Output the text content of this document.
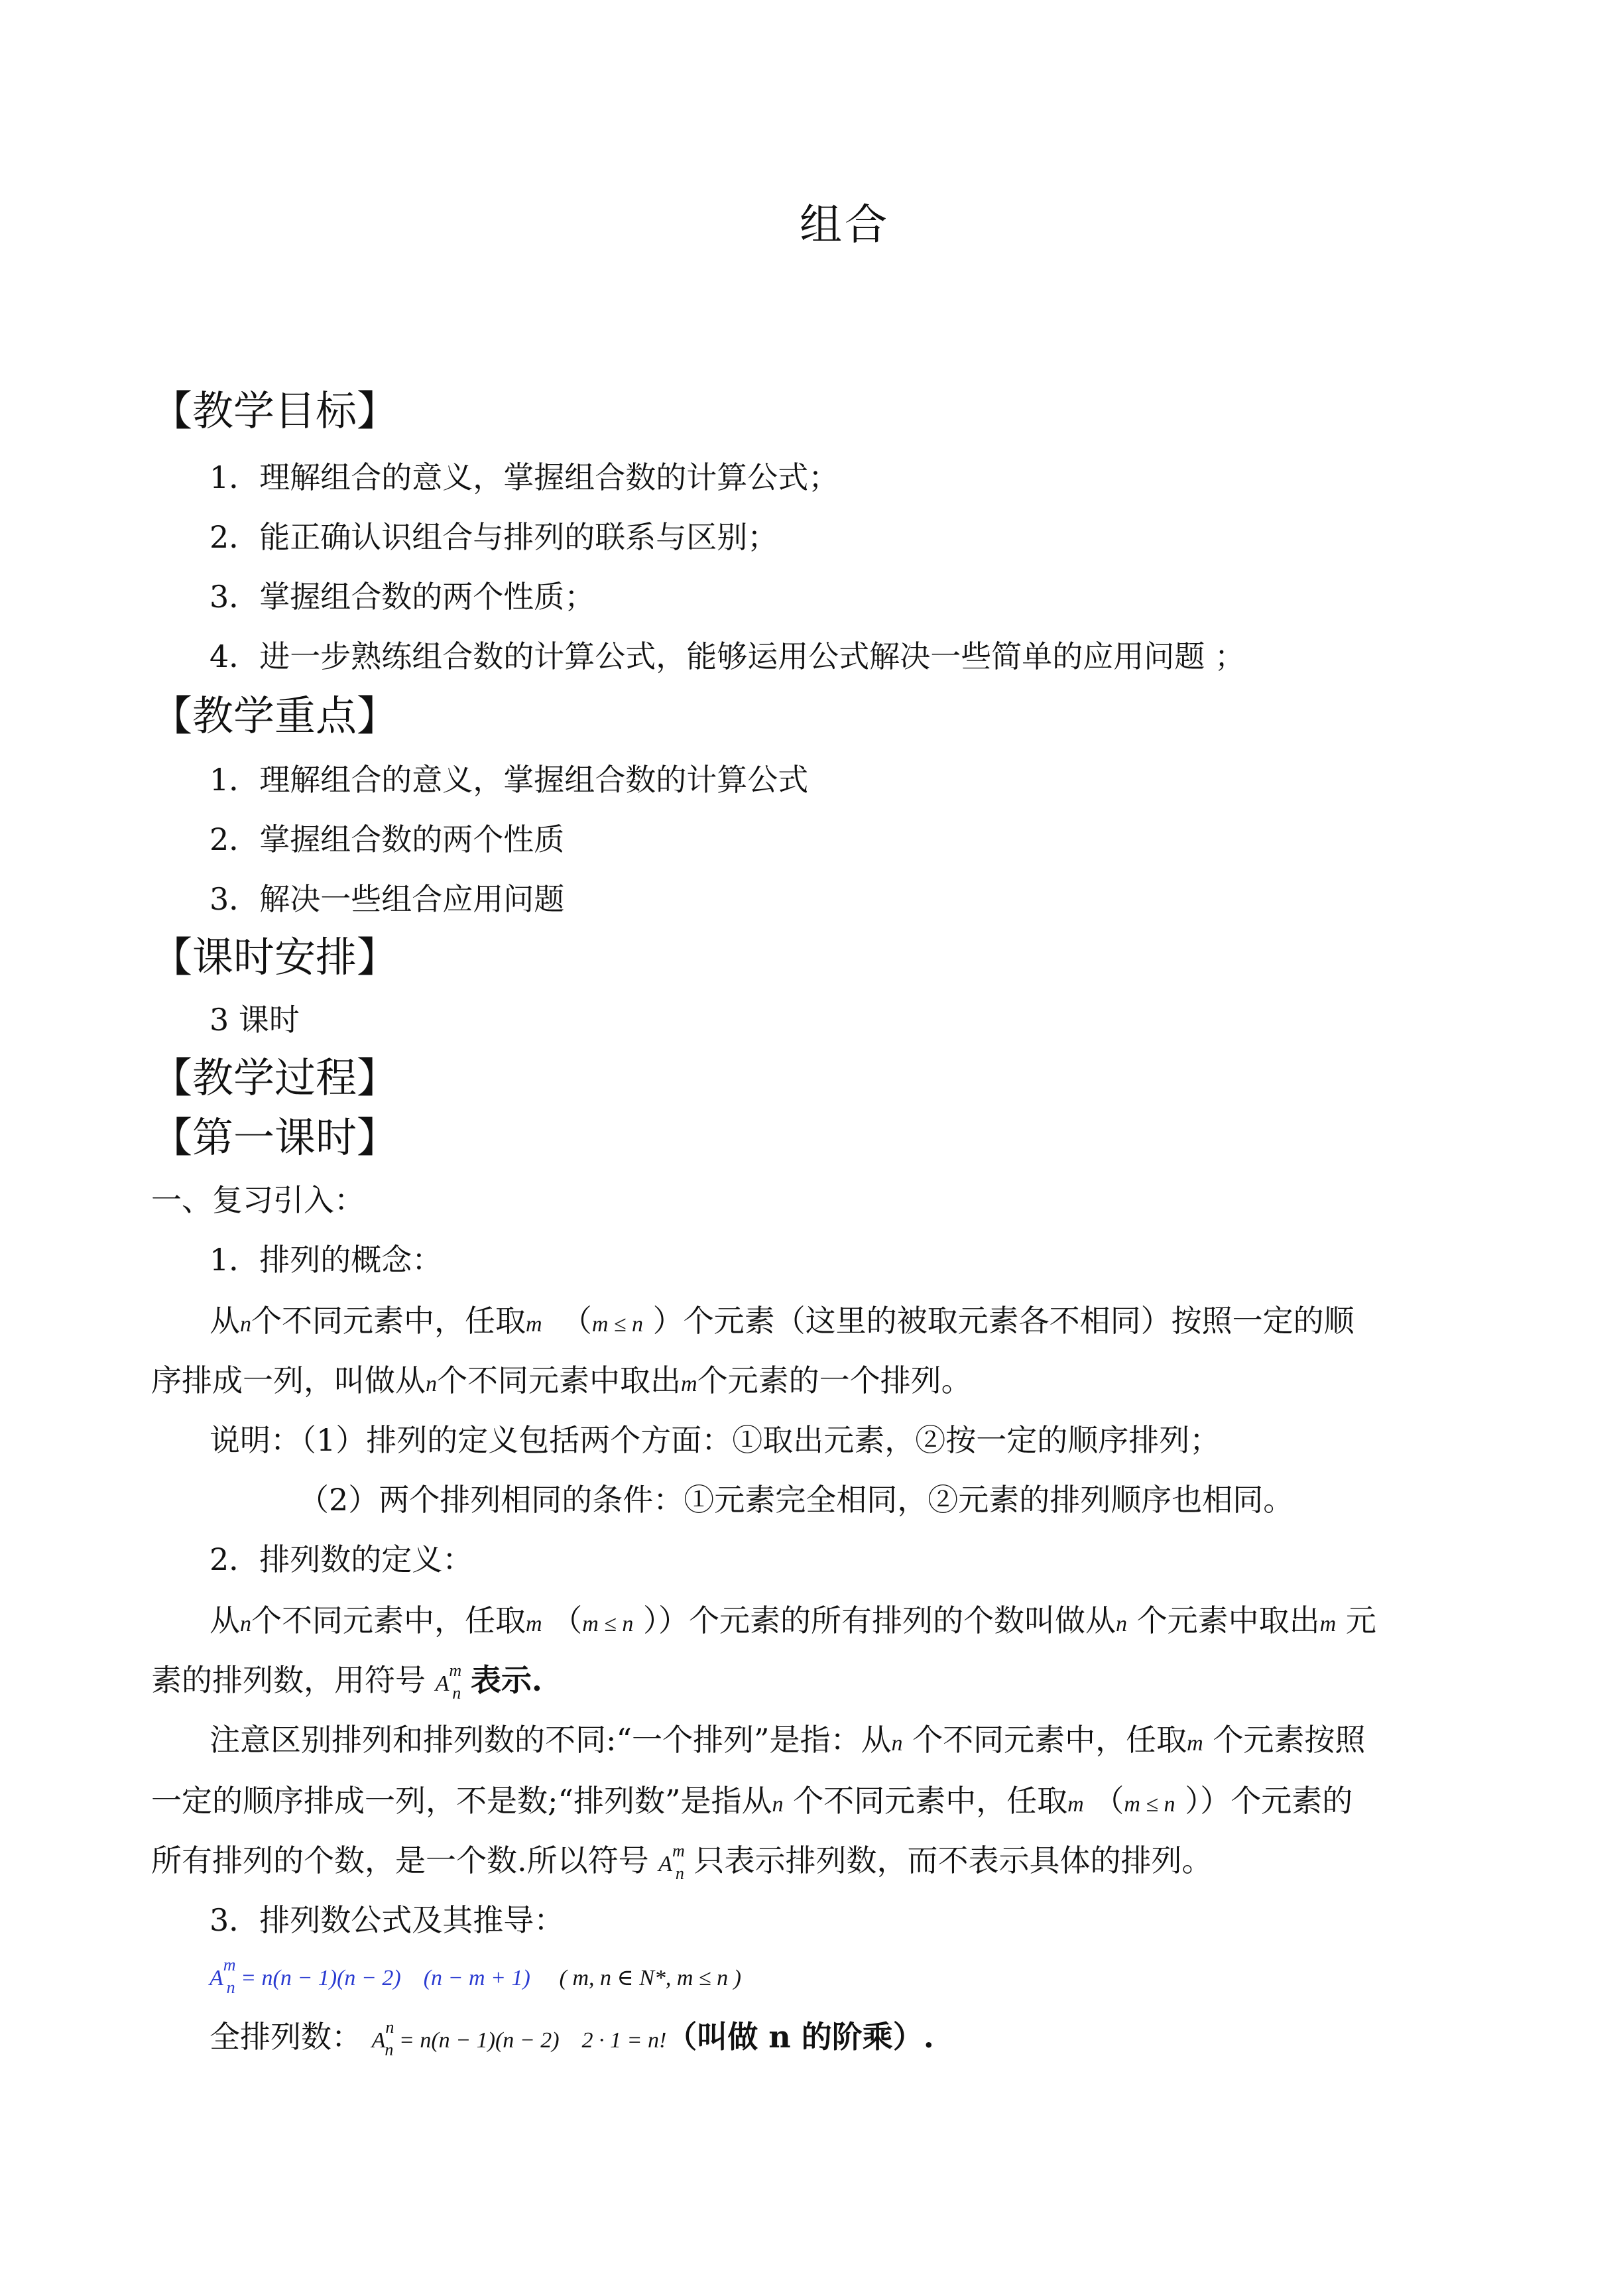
组合
【教学目标】
1．理解组合的意义，掌握组合数的计算公式；
2．能正确认识组合与排列的联系与区别；
3．掌握组合数的两个性质；
4．进一步熟练组合数的计算公式，能够运用公式解决一些简单的应用问题 ；
【教学重点】
1．理解组合的意义，掌握组合数的计算公式
2．掌握组合数的两个性质
3．解决一些组合应用问题
【课时安排】
3 课时
【教学过程】
【第一课时】
一、复习引入：
1．排列的概念：
从n个不同元素中，任取m （m ≤ n ）个元素（这里的被取元素各不相同）按照一定的顺
序排成一列，叫做从n个不同元素中取出m个元素的一个排列。
说明：（1）排列的定义包括两个方面：①取出元素，②按一定的顺序排列；
（2）两个排列相同的条件：①元素完全相同，②元素的排列顺序也相同。
2．排列数的定义：
从n个不同元素中，任取m （m ≤ n ））个元素的所有排列的个数叫做从n 个元素中取出m 元
素的排列数，用符号 $A^m_n$ 表示.
注意区别排列和排列数的不同:“一个排列”是指：从n 个不同元素中，任取m 个元素按照
一定的顺序排成一列，不是数;“排列数”是指从n 个不同元素中，任取m （m ≤ n ））个元素的
所有排列的个数，是一个数.所以符号 $A^m_n$ 只表示排列数，而不表示具体的排列。
3．排列数公式及其推导：
$A^m_n = n(n - 1)(n - 2) (n - m + 1)$ ( m, n ∈ N*, m ≤ n )
全排列数： $A^n_n = n(n - 1)(n - 2) 2 \cdot 1 = n$!（叫做 n 的阶乘）.
